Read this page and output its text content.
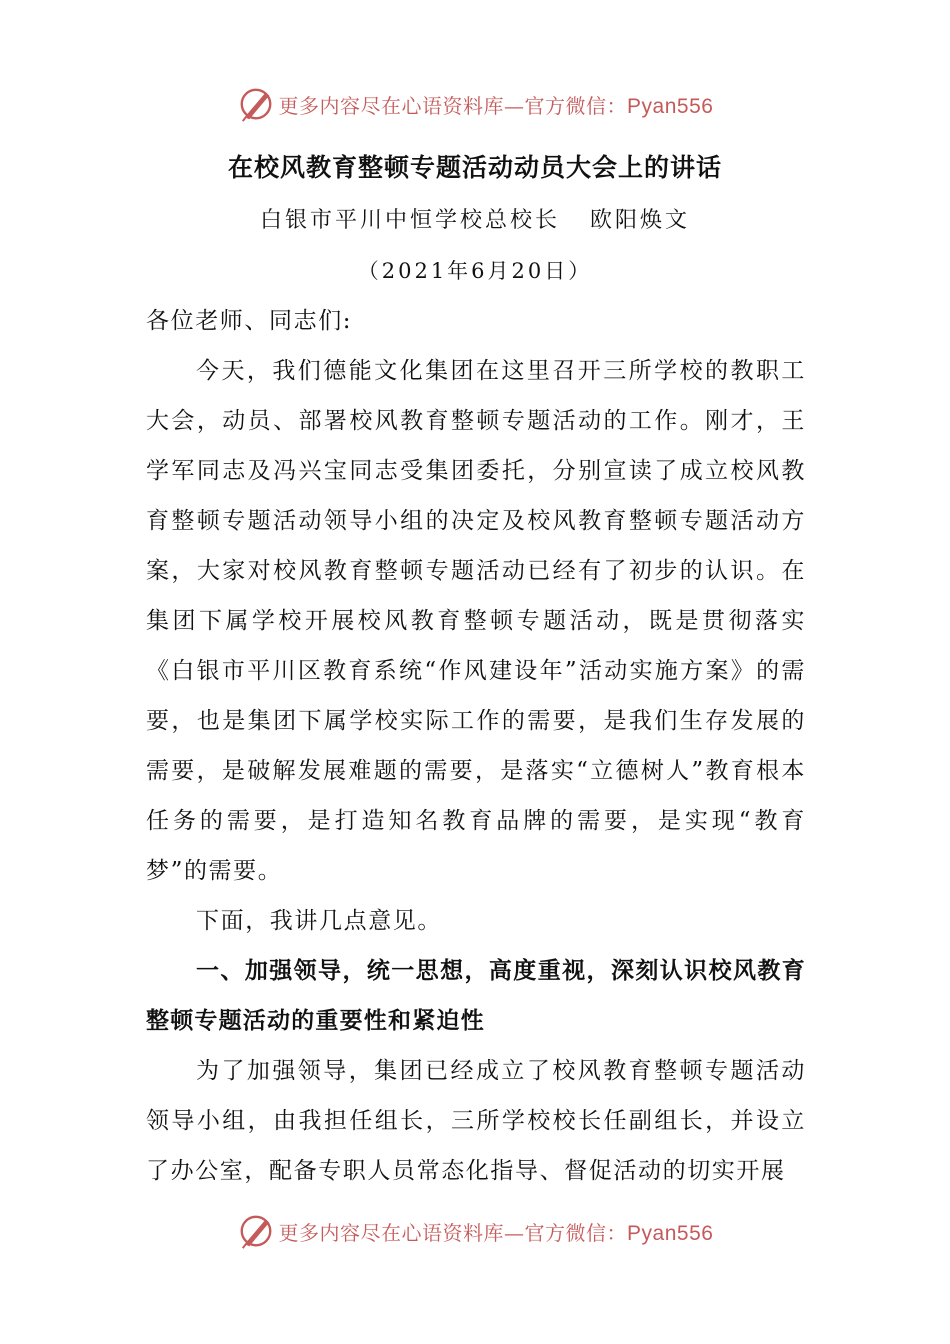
更多内容尽在心语资料库—官方微信：Pyan556
在校风教育整顿专题活动动员大会上的讲话
白银市平川中恒学校总校长   欧阳焕文
（2021年6月20日）

各位老师、同志们:

今天，我们德能文化集团在这里召开三所学校的教职工大会，动员、部署校风教育整顿专题活动的工作。刚才，王学军同志及冯兴宝同志受集团委托，分别宣读了成立校风教育整顿专题活动领导小组的决定及校风教育整顿专题活动方案，大家对校风教育整顿专题活动已经有了初步的认识。在集团下属学校开展校风教育整顿专题活动，既是贯彻落实《白银市平川区教育系统“作风建设年”活动实施方案》的需要，也是集团下属学校实际工作的需要，是我们生存发展的需要，是破解发展难题的需要，是落实“立德树人”教育根本任务的需要，是打造知名教育品牌的需要，是实现“教育梦”的需要。

下面，我讲几点意见。

一、加强领导，统一思想，高度重视，深刻认识校风教育整顿专题活动的重要性和紧迫性

为了加强领导，集团已经成立了校风教育整顿专题活动领导小组，由我担任组长，三所学校校长任副组长，并设立了办公室，配备专职人员常态化指导、督促活动的切实开展

更多内容尽在心语资料库—官方微信：Pyan556
